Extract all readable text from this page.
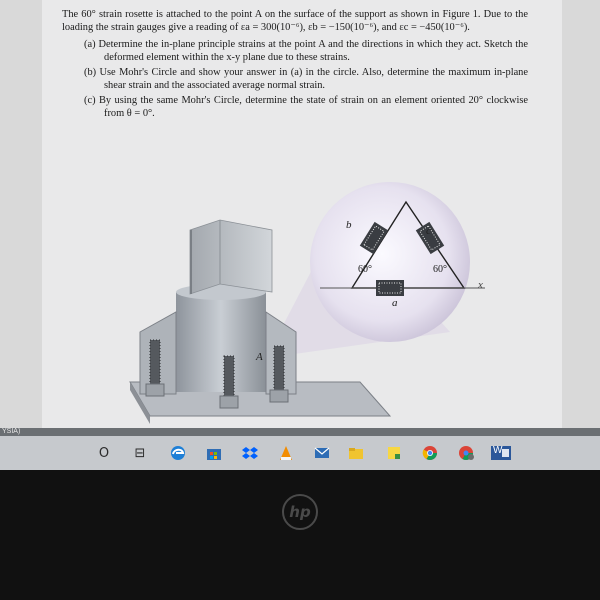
The 60° strain rosette is attached to the point A on the surface of the support as shown in Figure 1. Due to the loading the strain gauges give a reading of εa = 300(10⁻⁶), εb = −150(10⁻⁶), and εc = −450(10⁻⁶).

(a) Determine the in-plane principle strains at the point A and the directions in which they act. Sketch the deformed element within the x-y plane due to these strains.
(b) Use Mohr's Circle and show your answer in (a) in the circle. Also, determine the maximum in-plane shear strain and the associated average normal strain.
(c) By using the same Mohr's Circle, determine the state of strain on an element oriented 20° clockwise from θ = 0°.
b	c
a
60°	60°
x
A
YSIA)
O	⊟	W
hp
